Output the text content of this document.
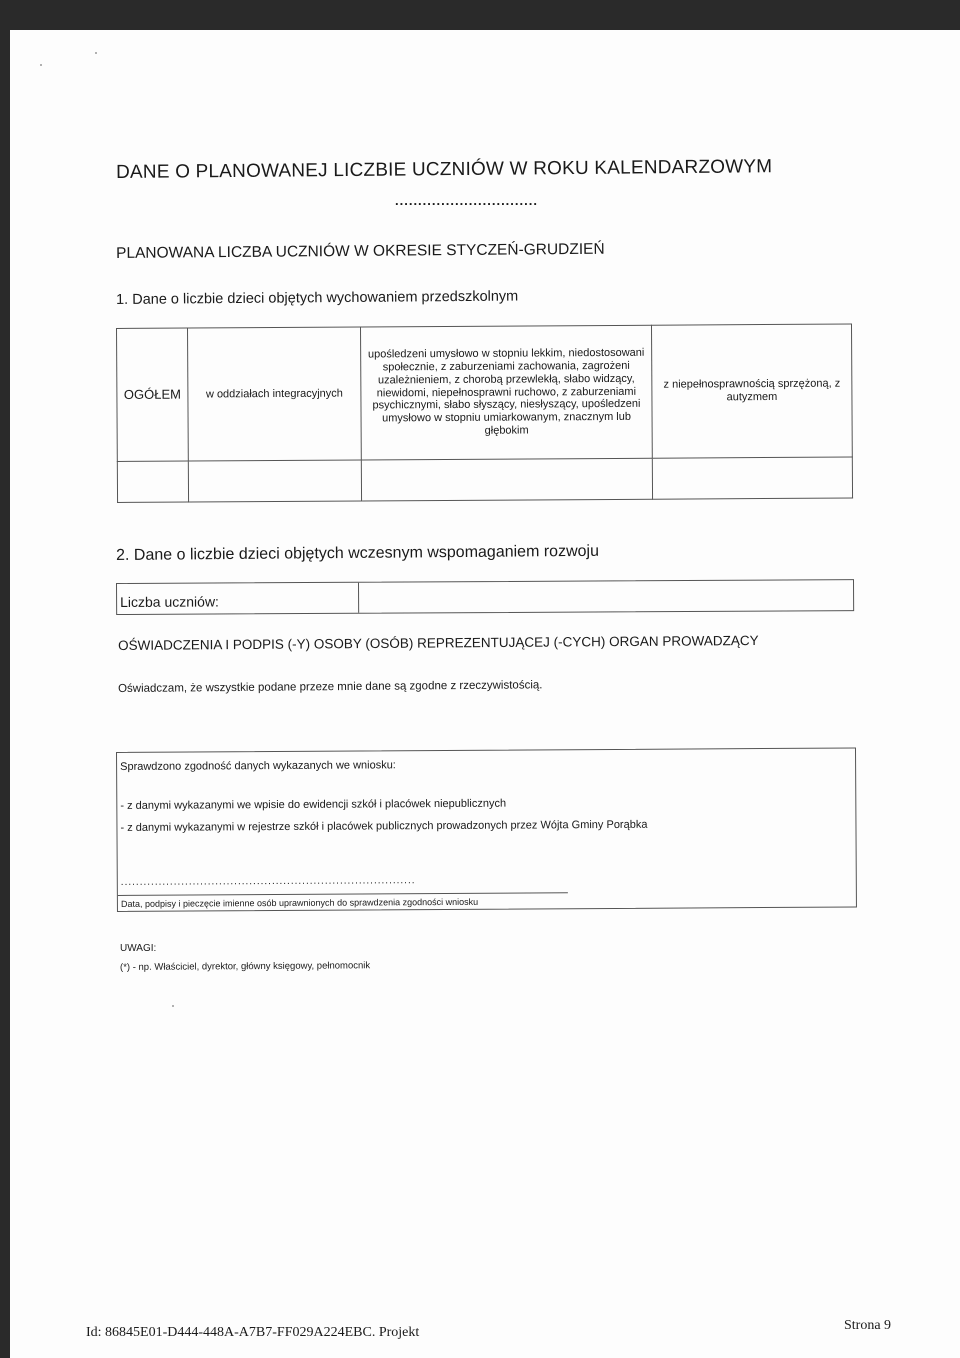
DANE O PLANOWANEJ LICZBIE UCZNIÓW W ROKU KALENDARZOWYM
...............................
PLANOWANA LICZBA UCZNIÓW W OKRESIE STYCZEŃ-GRUDZIEŃ
1. Dane o liczbie dzieci objętych wychowaniem przedszkolnym
OGÓŁEM	w oddziałach integracyjnych	upośledzeni umysłowo w stopniu lekkim, niedostosowani społecznie, z zaburzeniami zachowania, zagrożeni uzależnieniem, z chorobą przewlekłą, słabo widzący, niewidomi, niepełnosprawni ruchowo, z zaburzeniami psychicznymi, słabo słyszący, niesłyszący, upośledzeni umysłowo w stopniu umiarkowanym, znacznym lub głębokim	z niepełnosprawnością sprzężoną, z autyzmem

2. Dane o liczbie dzieci objętych wczesnym wspomaganiem rozwoju
Liczba uczniów:
OŚWIADCZENIA I PODPIS (-Y) OSOBY (OSÓB) REPREZENTUJĄCEJ (-CYCH) ORGAN PROWADZĄCY
Oświadczam, że wszystkie podane przeze mnie dane są zgodne z rzeczywistością.
Sprawdzono zgodność danych wykazanych we wniosku:
- z danymi wykazanymi we wpisie do ewidencji szkół i placówek niepublicznych
- z danymi wykazanymi w rejestrze szkół i placówek publicznych prowadzonych przez Wójta Gminy Porąbka
..............................................................................
Data, podpisy i pieczęcie imienne osób uprawnionych do sprawdzenia zgodności wniosku
UWAGI:
(*) - np. Właściciel, dyrektor, główny księgowy, pełnomocnik
Id: 86845E01-D444-448A-A7B7-FF029A224EBC. Projekt	Strona 9
